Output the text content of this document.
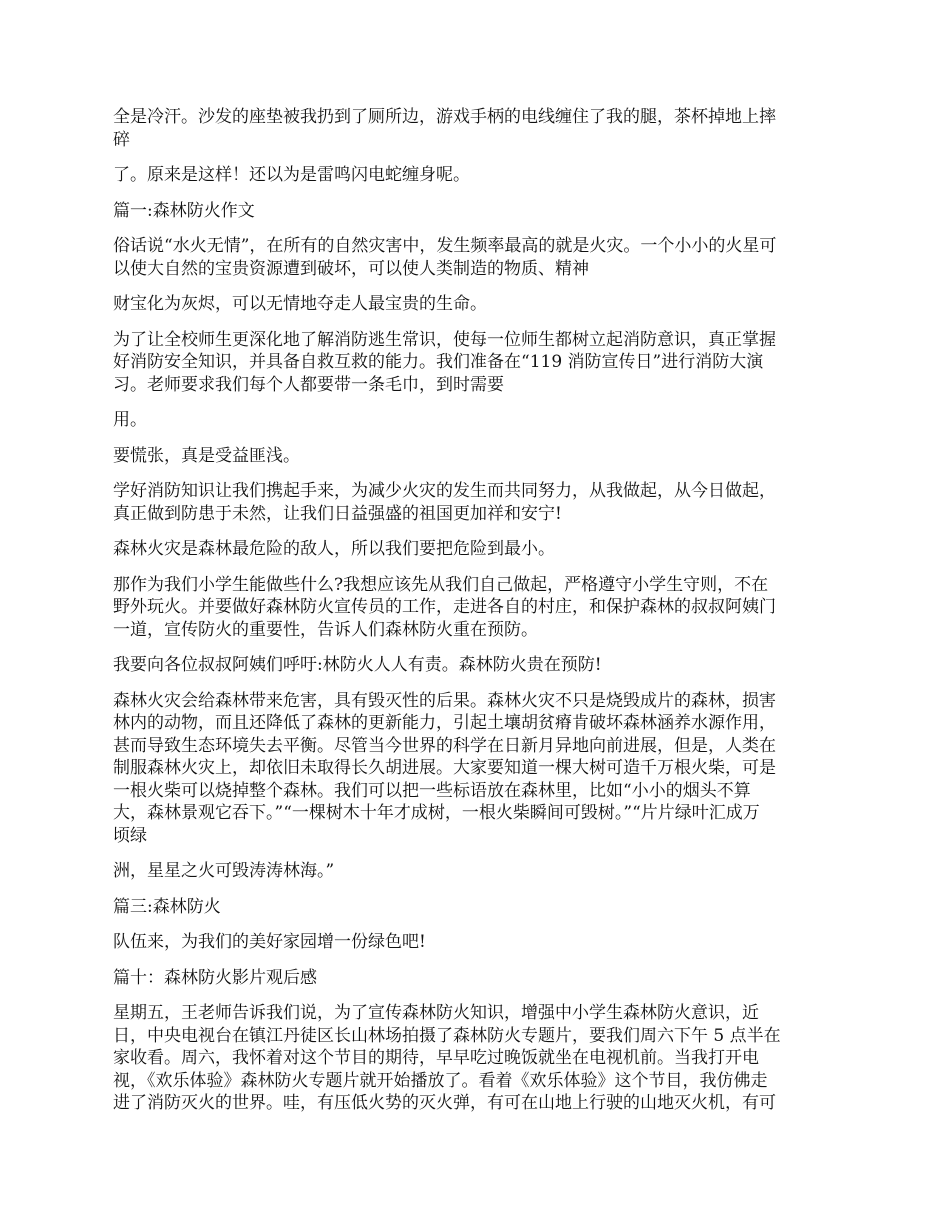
全是冷汗。沙发的座垫被我扔到了厕所边，游戏手柄的电线缠住了我的腿，茶杯掉地上摔
碎
了。原来是这样！还以为是雷鸣闪电蛇缠身呢。
篇一:森林防火作文
俗话说“水火无情”，在所有的自然灾害中，发生频率最高的就是火灾。一个小小的火星可
以使大自然的宝贵资源遭到破坏，可以使人类制造的物质、精神
财宝化为灰烬，可以无情地夺走人最宝贵的生命。
为了让全校师生更深化地了解消防逃生常识，使每一位师生都树立起消防意识，真正掌握
好消防安全知识，并具备自救互救的能力。我们准备在“119 消防宣传日”进行消防大演
习。老师要求我们每个人都要带一条毛巾，到时需要
用。
要慌张，真是受益匪浅。
学好消防知识让我们携起手来，为减少火灾的发生而共同努力，从我做起，从今日做起，
真正做到防患于未然，让我们日益强盛的祖国更加祥和安宁!
森林火灾是森林最危险的敌人，所以我们要把危险到最小。
那作为我们小学生能做些什么?我想应该先从我们自己做起，严格遵守小学生守则，不在
野外玩火。并要做好森林防火宣传员的工作，走进各自的村庄，和保护森林的叔叔阿姨门
一道，宣传防火的重要性，告诉人们森林防火重在预防。
我要向各位叔叔阿姨们呼吁:林防火人人有责。森林防火贵在预防!
森林火灾会给森林带来危害，具有毁灭性的后果。森林火灾不只是烧毁成片的森林，损害
林内的动物，而且还降低了森林的更新能力，引起土壤胡贫瘠肯破坏森林涵养水源作用，
甚而导致生态环境失去平衡。尽管当今世界的科学在日新月异地向前进展，但是，人类在
制服森林火灾上，却依旧未取得长久胡进展。大家要知道一棵大树可造千万根火柴，可是
一根火柴可以烧掉整个森林。我们可以把一些标语放在森林里，比如“小小的烟头不算
大，森林景观它吞下。”“一棵树木十年才成树，一根火柴瞬间可毁树。”“片片绿叶汇成万
顷绿
洲，星星之火可毁涛涛林海。”
篇三:森林防火
队伍来，为我们的美好家园增一份绿色吧!
篇十：森林防火影片观后感
星期五，王老师告诉我们说，为了宣传森林防火知识，增强中小学生森林防火意识，近
日，中央电视台在镇江丹徒区长山林场拍摄了森林防火专题片，要我们周六下午 5 点半在
家收看。周六，我怀着对这个节目的期待，早早吃过晚饭就坐在电视机前。当我打开电
视，《欢乐体验》森林防火专题片就开始播放了。看着《欢乐体验》这个节目，我仿佛走
进了消防灭火的世界。哇，有压低火势的灭火弹，有可在山地上行驶的山地灭火机，有可
